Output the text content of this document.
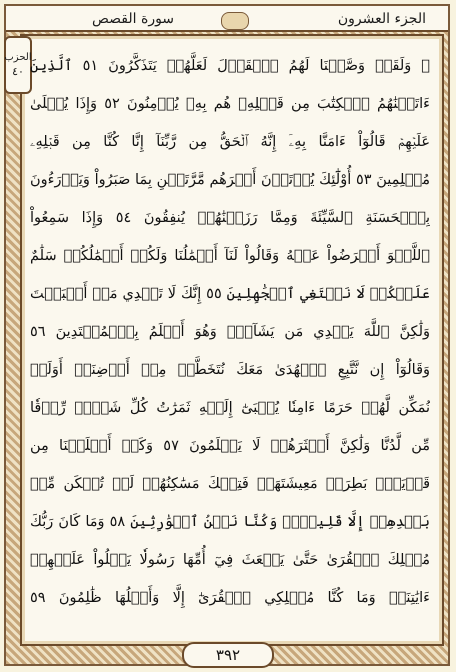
الجزء العشرون
سورة القصص
الحزب
٤٠ ۞ وَلَقَدۡ وَصَّلۡنَا لَهُمُ ٱلۡقَوۡلَ لَعَلَّهُمۡ يَتَذَكَّرُونَ ٥١ ٱلَّذِينَ
ءَاتَيۡنَٰهُمُ ٱلۡكِتَٰبَ مِن قَبۡلِهِۦ هُم بِهِۦ يُؤۡمِنُونَ ٥٢ وَإِذَا يُتۡلَىٰ
عَلَيۡهِمۡ قَالُوٓاْ ءَامَنَّا بِهِۦٓ إِنَّهُ ٱلۡحَقُّ مِن رَّبِّنَآ إِنَّا كُنَّا مِن قَبۡلِهِۦ
مُسۡلِمِينَ ٥٣ أُوْلَٰٓئِكَ يُؤۡتَوۡنَ أَجۡرَهُم مَّرَّتَيۡنِ بِمَا صَبَرُواْ وَيَدۡرَءُونَ
بِٱلۡحَسَنَةِ ٱلسَّيِّئَةَ وَمِمَّا رَزَقۡنَٰهُمۡ يُنفِقُونَ ٥٤ وَإِذَا سَمِعُواْ
ٱللَّغۡوَ أَعۡرَضُواْ عَنۡهُ وَقَالُواْ لَنَآ أَعۡمَٰلُنَا وَلَكُمۡ أَعۡمَٰلُكُمۡ سَلَٰمٌ
عَلَيۡكُمۡ لَا نَبۡتَغِي ٱلۡجَٰهِلِينَ ٥٥ إِنَّكَ لَا تَهۡدِي مَنۡ أَحۡبَبۡتَ
وَلَٰكِنَّ ٱللَّهَ يَهۡدِي مَن يَشَآءُۚ وَهُوَ أَعۡلَمُ بِٱلۡمُهۡتَدِينَ ٥٦
وَقَالُوٓاْ إِن نَّتَّبِعِ ٱلۡهُدَىٰ مَعَكَ نُتَخَطَّفۡ مِنۡ أَرۡضِنَآۚ أَوَلَمۡ
نُمَكِّن لَّهُمۡ حَرَمًا ءَامِنٗا يُجۡبَىٰٓ إِلَيۡهِ ثَمَرَٰتُ كُلِّ شَيۡءٖ رِّزۡقٗا
مِّن لَّدُنَّا وَلَٰكِنَّ أَكۡثَرَهُمۡ لَا يَعۡلَمُونَ ٥٧ وَكَمۡ أَهۡلَكۡنَا مِن
قَرۡيَةِۭ بَطِرَتۡ مَعِيشَتَهَاۖ فَتِلۡكَ مَسَٰكِنُهُمۡ لَمۡ تُسۡكَن مِّنۢ
بَعۡدِهِمۡ إِلَّا قَلِيلٗاۖ وَكُنَّا نَحۡنُ ٱلۡوَٰرِثِينَ ٥٨ وَمَا كَانَ رَبُّكَ
مُهۡلِكَ ٱلۡقُرَىٰ حَتَّىٰ يَبۡعَثَ فِيٓ أُمِّهَا رَسُولٗا يَتۡلُواْ عَلَيۡهِمۡ
ءَايَٰتِنَاۚ وَمَا كُنَّا مُهۡلِكِي ٱلۡقُرَىٰٓ إِلَّا وَأَهۡلُهَا ظَٰلِمُونَ ٥٩
٣٩٢
